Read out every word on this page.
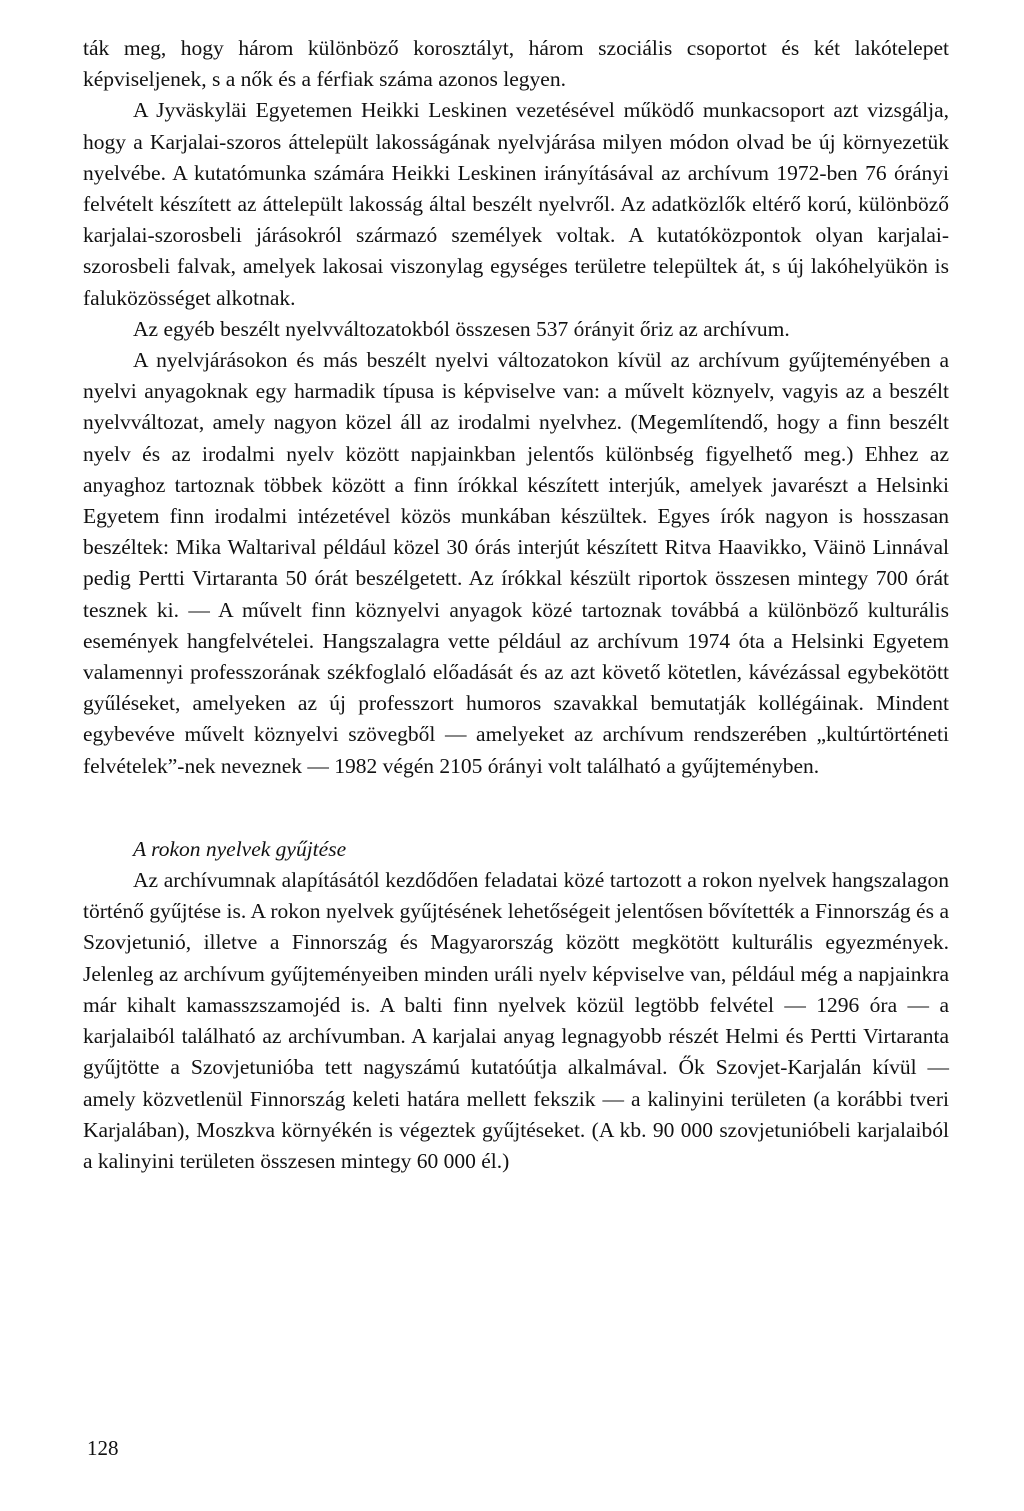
ták meg, hogy három különböző korosztályt, három szociális csoportot és két lakótelepet képviseljenek, s a nők és a férfiak száma azonos legyen.

A Jyväskyläi Egyetemen Heikki Leskinen vezetésével működő munkacsoport azt vizsgálja, hogy a Karjalai-szoros áttelepült lakosságának nyelvjárása milyen módon olvad be új környezetük nyelvébe. A kutatómunka számára Heikki Leskinen irányításával az archívum 1972-ben 76 órányi felvételt készített az áttelepült lakosság által beszélt nyelvről. Az adatközlők eltérő korú, különböző karjalai-szorosbeli járásokról származó személyek voltak. A kutatóközpontok olyan karjalai-szorosbeli falvak, amelyek lakosai viszonylag egységes területre települtek át, s új lakóhelyükön is faluközösséget alkotnak.

Az egyéb beszélt nyelvváltozatokból összesen 537 órányit őriz az archívum.

A nyelvjárásokon és más beszélt nyelvi változatokon kívül az archívum gyűjteményében a nyelvi anyagoknak egy harmadik típusa is képviselve van: a művelt köznyelv, vagyis az a beszélt nyelvváltozat, amely nagyon közel áll az irodalmi nyelvhez. (Megemlítendő, hogy a finn beszélt nyelv és az irodalmi nyelv között napjainkban jelentős különbség figyelhető meg.) Ehhez az anyaghoz tartoznak többek között a finn írókkal készített interjúk, amelyek javarészt a Helsinki Egyetem finn irodalmi intézetével közös munkában készültek. Egyes írók nagyon is hosszasan beszéltek: Mika Waltarival például közel 30 órás interjút készített Ritva Haavikko, Väinö Linnával pedig Pertti Virtaranta 50 órát beszélgetett. Az írókkal készült riportok összesen mintegy 700 órát tesznek ki. — A művelt finn köznyelvi anyagok közé tartoznak továbbá a különböző kulturális események hangfelvételei. Hangszalagra vette például az archívum 1974 óta a Helsinki Egyetem valamennyi professzorának székfoglaló előadását és az azt követő kötetlen, kávézással egybekötött gyűléseket, amelyeken az új professzort humoros szavakkal bemutatják kollégáinak. Mindent egybevéve művelt köznyelvi szövegből — amelyeket az archívum rendszerében „kultúrtörténeti felvételek”-nek neveznek — 1982 végén 2105 órányi volt található a gyűjteményben.

A rokon nyelvek gyűjtése

Az archívumnak alapításától kezdődően feladatai közé tartozott a rokon nyelvek hangszalagon történő gyűjtése is. A rokon nyelvek gyűjtésének lehetőségeit jelentősen bővítették a Finnország és a Szovjetunió, illetve a Finnország és Magyarország között megkötött kulturális egyezmények. Jelenleg az archívum gyűjteményeiben minden uráli nyelv képviselve van, például még a napjainkra már kihalt kamasszszamojéd is. A balti finn nyelvek közül legtöbb felvétel — 1296 óra — a karjalaiból található az archívumban. A karjalai anyag legnagyobb részét Helmi és Pertti Virtaranta gyűjtötte a Szovjetunióba tett nagyszámú kutatóútja alkalmával. Ők Szovjet-Karjalán kívül — amely közvetlenül Finnország keleti határa mellett fekszik — a kalinyini területen (a korábbi tveri Karjalában), Moszkva környékén is végeztek gyűjtéseket. (A kb. 90 000 szovjetunióbeli karjalaiból a kalinyini területen összesen mintegy 60 000 él.)

128
